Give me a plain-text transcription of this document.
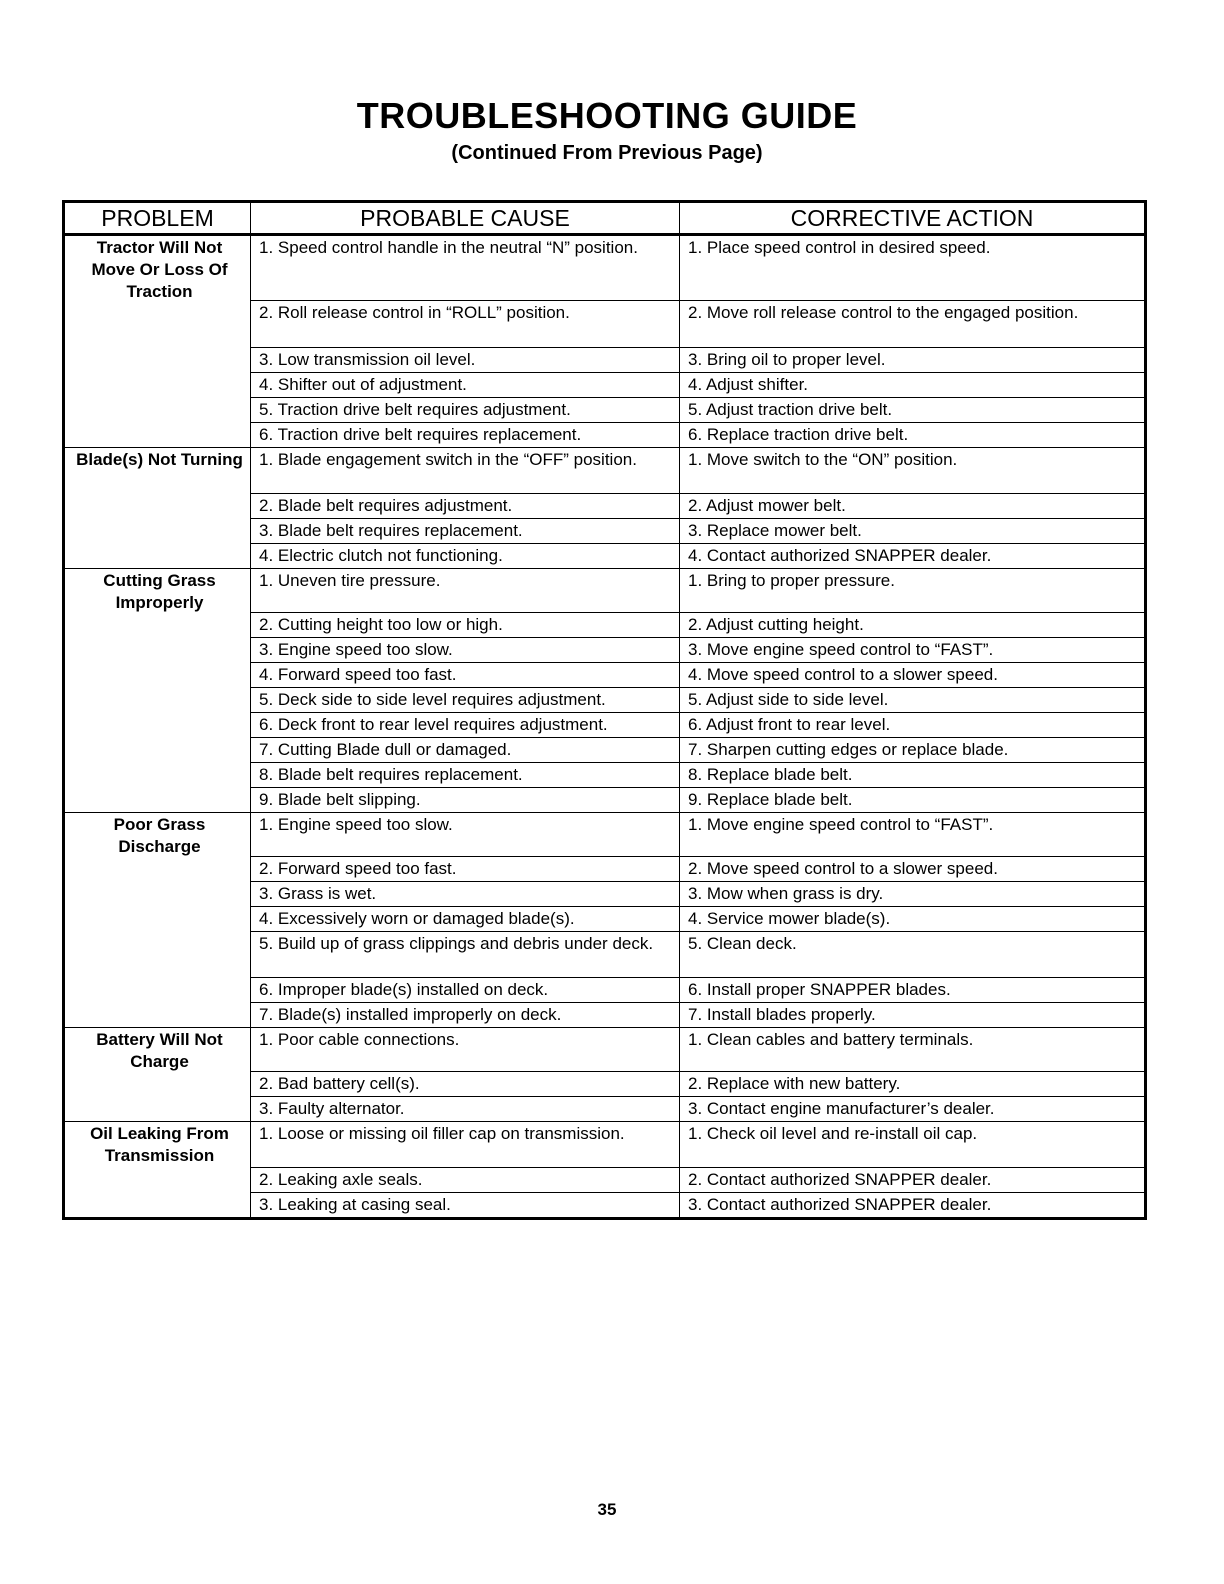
TROUBLESHOOTING GUIDE
(Continued From Previous Page)
PROBLEM	PROBABLE CAUSE	CORRECTIVE ACTION
Tractor Will Not Move Or Loss Of Traction	1. Speed control handle in the neutral “N” position.	1. Place speed control in desired speed.

	2. Roll release control in “ROLL” position.	2. Move roll release control to the engaged position.

	3. Low transmission oil level.	3. Bring oil to proper level.

	4. Shifter out of adjustment.	4. Adjust shifter.

	5. Traction drive belt requires adjustment.	5. Adjust traction drive belt.

	6. Traction drive belt requires replacement.	6. Replace traction drive belt.

Blade(s) Not Turning	1. Blade engagement switch in the “OFF” position.	1. Move switch to the “ON” position.

	2. Blade belt requires adjustment.	2. Adjust mower belt.

	3. Blade belt requires replacement.	3. Replace mower belt.

	4. Electric clutch not functioning.	4. Contact authorized SNAPPER dealer.

Cutting Grass Improperly	1. Uneven tire pressure.	1. Bring to proper pressure.

	2. Cutting height too low or high.	2. Adjust cutting height.

	3. Engine speed too slow.	3. Move engine speed control to “FAST”.

	4. Forward speed too fast.	4. Move speed control to a slower speed.

	5. Deck side to side level requires adjustment.	5. Adjust side to side level.

	6. Deck front to rear level requires adjustment.	6. Adjust front to rear level.

	7. Cutting Blade dull or damaged.	7. Sharpen cutting edges or replace blade.

	8. Blade belt requires replacement.	8. Replace blade belt.

	9. Blade belt slipping.	9. Replace blade belt.

Poor Grass Discharge	1. Engine speed too slow.	1. Move engine speed control to “FAST”.

	2. Forward speed too fast.	2. Move speed control to a slower speed.

	3. Grass is wet.	3. Mow when grass is dry.

	4. Excessively worn or damaged blade(s).	4. Service mower blade(s).

	5. Build up of grass clippings and debris under deck.	5. Clean deck.

	6. Improper blade(s) installed on deck.	6. Install proper SNAPPER blades.

	7. Blade(s) installed improperly on deck.	7. Install blades properly.

Battery Will Not Charge	1. Poor cable connections.	1. Clean cables and battery terminals.

	2. Bad battery cell(s).	2. Replace with new battery.

	3. Faulty alternator.	3. Contact engine manufacturer’s dealer.

Oil Leaking From Transmission	1. Loose or missing oil filler cap on transmission.	1. Check oil level and re-install oil cap.

	2. Leaking axle seals.	2. Contact authorized SNAPPER dealer.

	3. Leaking at casing seal.	3. Contact authorized SNAPPER dealer.
35
